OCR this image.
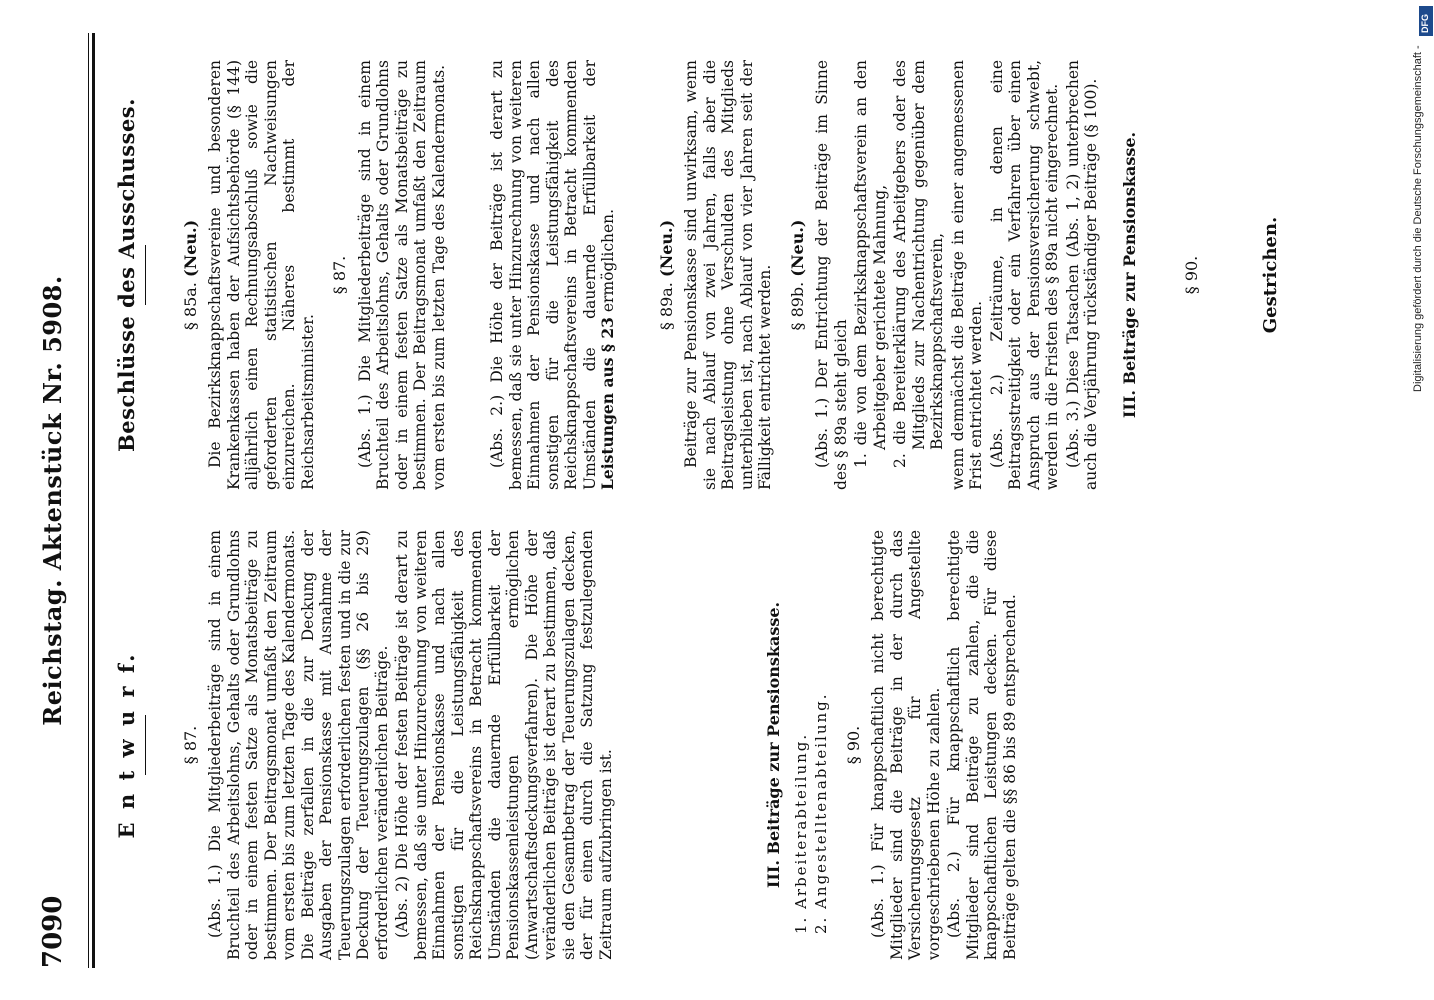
7090
Reichstag. Aktenstück Nr. 5908.
E n t w u r f.	§ 87. (Abs. 1.) Die Mitgliederbeiträge sind in einem Bruchteil des Arbeitslohns, Gehalts oder Grundlohns oder in einem festen Satze als Monatsbeiträge zu bestimmen. Der Beitragsmonat umfaßt den Zeitraum vom ersten bis zum letzten Tage des Kalendermonats. Die Beiträge zerfallen in die zur Deckung der Ausgaben der Pensionskasse mit Ausnahme der Teuerungszulagen erforderlichen festen und in die zur Deckung der Teuerungszulagen (§§ 26 bis 29) erforderlichen veränderlichen Beiträge. (Abs. 2) Die Höhe der festen Beiträge ist derart zu bemessen, daß sie unter Hinzurechnung von weiteren Einnahmen der Pensionskasse und nach allen sonstigen für die Leistungsfähigkeit des Reichsknappschaftsvereins in Betracht kommenden Umständen die dauernde Erfüllbarkeit der Pensionskassenleistungen ermöglichen (Anwartschaftsdeckungsverfahren). Die Höhe der veränderlichen Beiträge ist derart zu bestimmen, daß sie den Gesamtbetrag der Teuerungszulagen decken, der für einen durch die Satzung festzulegenden Zeitraum aufzubringen ist.	III. Beiträge zur Pensionskasse. 1. Arbeiterabteilung. 2. Angestelltenabteilung. § 90. (Abs. 1.) Für knappschaftlich nicht berechtigte Mitglieder sind die Beiträge in der durch das Versicherungsgesetz für Angestellte vorgeschriebenen Höhe zu zahlen. (Abs. 2.) Für knappschaftlich berechtigte Mitglieder sind Beiträge zu zahlen, die die knappschaftlichen Leistungen decken. Für diese Beiträge gelten die §§ 86 bis 89 entsprechend.

Beschlüsse des Ausschusses.	§ 85a. (Neu.) Die Bezirksknappschaftsvereine und besonderen Krankenkassen haben der Aufsichtsbehörde (§ 144) alljährlich einen Rechnungsabschluß sowie die geforderten statistischen Nachweisungen einzureichen. Näheres bestimmt der Reichsarbeitsminister.

§ 87. (Abs. 1.) Die Mitgliederbeiträge sind in einem Bruchteil des Arbeitslohns, Gehalts oder Grundlohns oder in einem festen Satze als Monatsbeiträge zu bestimmen. Der Beitragsmonat umfaßt den Zeitraum vom ersten bis zum letzten Tage des Kalendermonats.	(Abs. 2.) Die Höhe der Beiträge ist derart zu bemessen, daß sie unter Hinzurechnung von weiteren Einnahmen der Pensionskasse und nach allen sonstigen für die Leistungsfähigkeit des Reichsknappschaftsvereins in Betracht kommenden Umständen die dauernde Erfüllbarkeit der Leistungen aus § 23 ermöglichen. § 89a. (Neu.) Beiträge zur Pensionskasse sind unwirksam, wenn sie nach Ablauf von zwei Jahren, falls aber die Beitragsleistung ohne Verschulden des Mitglieds unterblieben ist, nach Ablauf von vier Jahren seit der Fälligkeit entrichtet werden. § 89b. (Neu.) (Abs. 1.) Der Entrichtung der Beiträge im Sinne des § 89a steht gleich 1. die von dem Bezirksknappschaftsverein an den Arbeitgeber gerichtete Mahnung, 2. die Bereiterklärung des Arbeitgebers oder des Mitglieds zur Nachentrichtung gegenüber dem Bezirksknappschaftsverein, wenn demnächst die Beiträge in einer angemessenen Frist entrichtet werden. (Abs. 2.) Zeiträume, in denen eine Beitragsstreitigkeit oder ein Verfahren über einen Anspruch aus der Pensionsversicherung schwebt, werden in die Fristen des § 89a nicht eingerechnet. (Abs. 3.) Diese Tatsachen (Abs. 1, 2) unterbrechen auch die Verjährung rückständiger Beiträge (§ 100). III. Beiträge zur Pensionskasse.	§ 90.	Gestrichen.	Digitalisierung gefördert durch die Deutsche Forschungsgemeinschaft -
DFG
